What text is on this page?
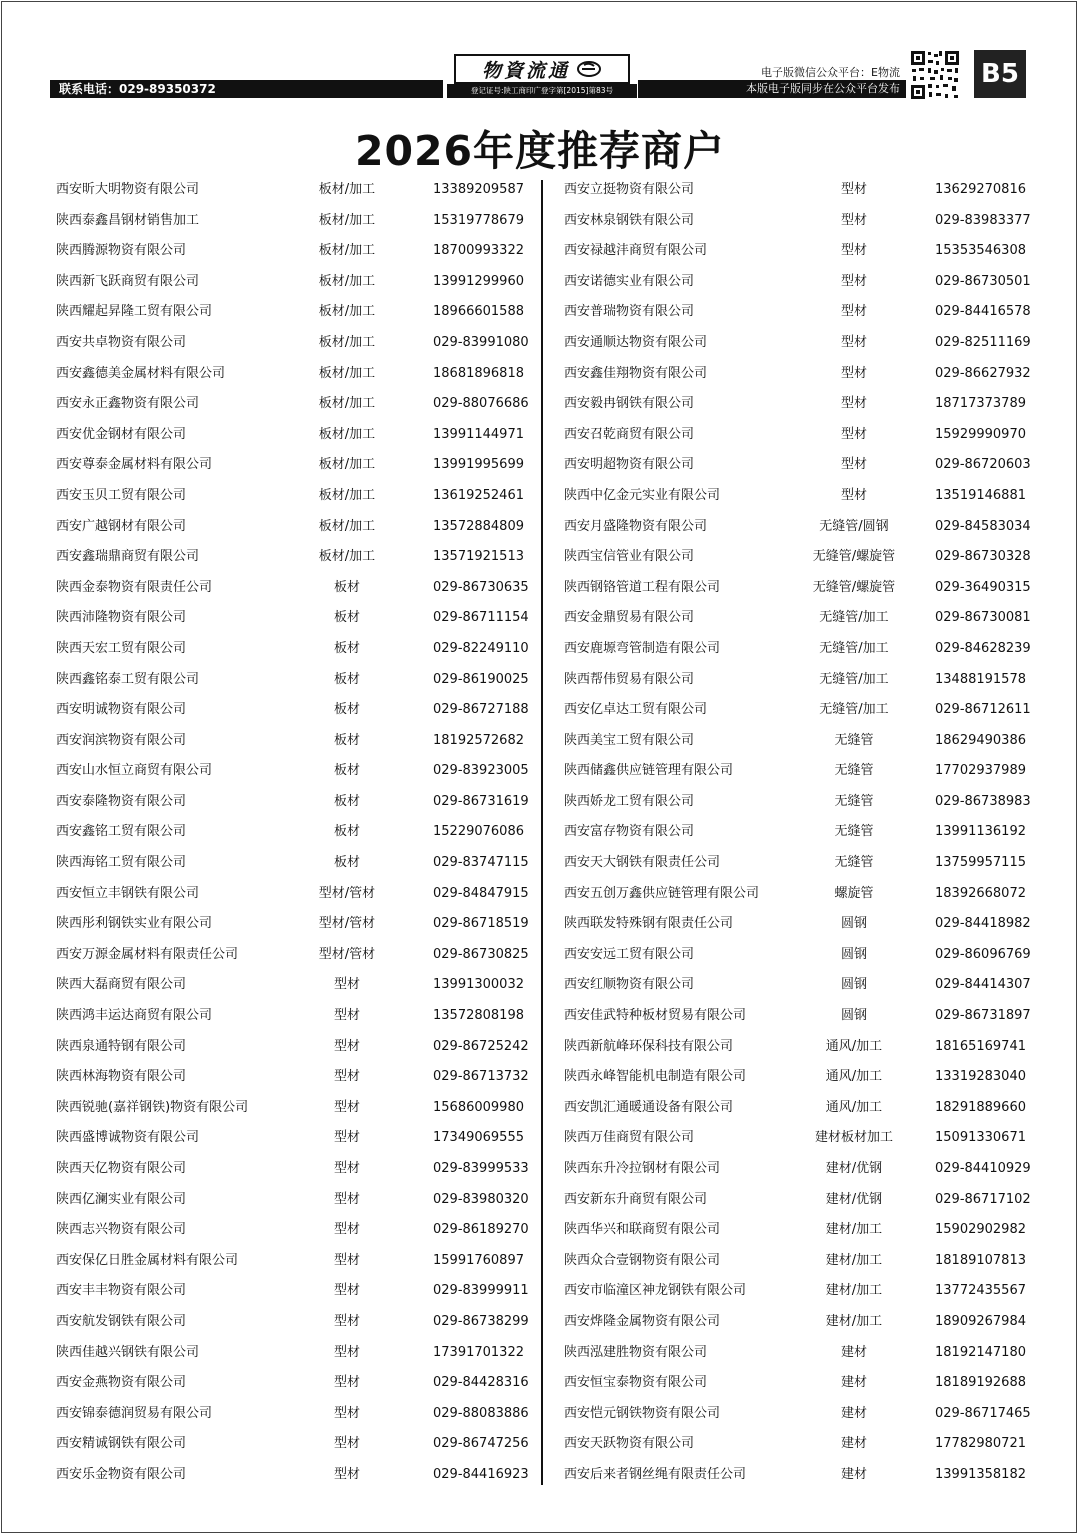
物資流通
登记证号:陕工商印广登字第[2015]第83号
联系电话：029-89350372
电子版微信公众平台：E物流
本版电子版同步在公众平台发布	B5
2026年度推荐商户
西安昕大明物资有限公司	板材/加工	13389209587
陕西泰鑫昌钢材销售加工	板材/加工	15319778679
陕西腾源物资有限公司	板材/加工	18700993322
陕西新飞跃商贸有限公司	板材/加工	13991299960
陕西耀起昇隆工贸有限公司	板材/加工	18966601588
西安共卓物资有限公司	板材/加工	029-83991080
西安鑫德美金属材料有限公司	板材/加工	18681896818
西安永正鑫物资有限公司	板材/加工	029-88076686
西安优金钢材有限公司	板材/加工	13991144971
西安尊泰金属材料有限公司	板材/加工	13991995699
西安玉贝工贸有限公司	板材/加工	13619252461
西安广越钢材有限公司	板材/加工	13572884809
西安鑫瑞鼎商贸有限公司	板材/加工	13571921513
陕西金泰物资有限责任公司	板材	029-86730635
陕西沛隆物资有限公司	板材	029-86711154
陕西天宏工贸有限公司	板材	029-82249110
陕西鑫铭泰工贸有限公司	板材	029-86190025
西安明诚物资有限公司	板材	029-86727188
西安润滨物资有限公司	板材	18192572682
西安山水恒立商贸有限公司	板材	029-83923005
西安泰隆物资有限公司	板材	029-86731619
西安鑫铭工贸有限公司	板材	15229076086
陕西海铭工贸有限公司	板材	029-83747115
西安恒立丰钢铁有限公司	型材/管材	029-84847915
陕西彤利钢铁实业有限公司	型材/管材	029-86718519
西安万源金属材料有限责任公司	型材/管材	029-86730825
陕西大磊商贸有限公司	型材	13991300032
陕西鸿丰运达商贸有限公司	型材	13572808198
陕西泉通特钢有限公司	型材	029-86725242
陕西林海物资有限公司	型材	029-86713732
陕西锐驰(嘉祥钢铁)物资有限公司	型材	15686009980
陕西盛博诚物资有限公司	型材	17349069555
陕西天亿物资有限公司	型材	029-83999533
陕西亿澜实业有限公司	型材	029-83980320
陕西志兴物资有限公司	型材	029-86189270
西安保亿日胜金属材料有限公司	型材	15991760897
西安丰丰物资有限公司	型材	029-83999911
西安航发钢铁有限公司	型材	029-86738299
陕西佳越兴钢铁有限公司	型材	17391701322
西安金燕物资有限公司	型材	029-84428316
西安锦泰德润贸易有限公司	型材	029-88083886
西安精诚钢铁有限公司	型材	029-86747256
西安乐金物资有限公司	型材	029-84416923
西安立挺物资有限公司	型材	13629270816
西安林泉钢铁有限公司	型材	029-83983377
西安禄越沣商贸有限公司	型材	15353546308
西安诺德实业有限公司	型材	029-86730501
西安普瑞物资有限公司	型材	029-84416578
西安通顺达物资有限公司	型材	029-82511169
西安鑫佳翔物资有限公司	型材	029-86627932
西安毅冉钢铁有限公司	型材	18717373789
西安召乾商贸有限公司	型材	15929990970
西安明超物资有限公司	型材	029-86720603
陕西中亿金元实业有限公司	型材	13519146881
西安月盛隆物资有限公司	无缝管/圆钢	029-84583034
陕西宝信管业有限公司	无缝管/螺旋管	029-86730328
陕西钢铬管道工程有限公司	无缝管/螺旋管	029-36490315
西安金鼎贸易有限公司	无缝管/加工	029-86730081
西安鹿塬弯管制造有限公司	无缝管/加工	029-84628239
陕西帮伟贸易有限公司	无缝管/加工	13488191578
西安亿卓达工贸有限公司	无缝管/加工	029-86712611
陕西美宝工贸有限公司	无缝管	18629490386
陕西储鑫供应链管理有限公司	无缝管	17702937989
陕西娇龙工贸有限公司	无缝管	029-86738983
西安富存物资有限公司	无缝管	13991136192
西安天大钢铁有限责任公司	无缝管	13759957115
西安五创万鑫供应链管理有限公司	螺旋管	18392668072
陕西联发特殊钢有限责任公司	圆钢	029-84418982
西安安远工贸有限公司	圆钢	029-86096769
西安红顺物资有限公司	圆钢	029-84414307
西安佳武特种板材贸易有限公司	圆钢	029-86731897
陕西新航峰环保科技有限公司	通风/加工	18165169741
陕西永峰智能机电制造有限公司	通风/加工	13319283040
西安凯汇通暖通设备有限公司	通风/加工	18291889660
陕西万佳商贸有限公司	建材板材加工	15091330671
陕西东升冷拉钢材有限公司	建材/优钢	029-84410929
西安新东升商贸有限公司	建材/优钢	029-86717102
陕西华兴和联商贸有限公司	建材/加工	15902902982
陕西众合壹钢物资有限公司	建材/加工	18189107813
西安市临潼区神龙钢铁有限公司	建材/加工	13772435567
西安烨隆金属物资有限公司	建材/加工	18909267984
陕西泓建胜物资有限公司	建材	18192147180
西安恒宝泰物资有限公司	建材	18189192688
西安恺元钢铁物资有限公司	建材	029-86717465
西安天跃物资有限公司	建材	17782980721
西安后来者钢丝绳有限责任公司	建材	13991358182
